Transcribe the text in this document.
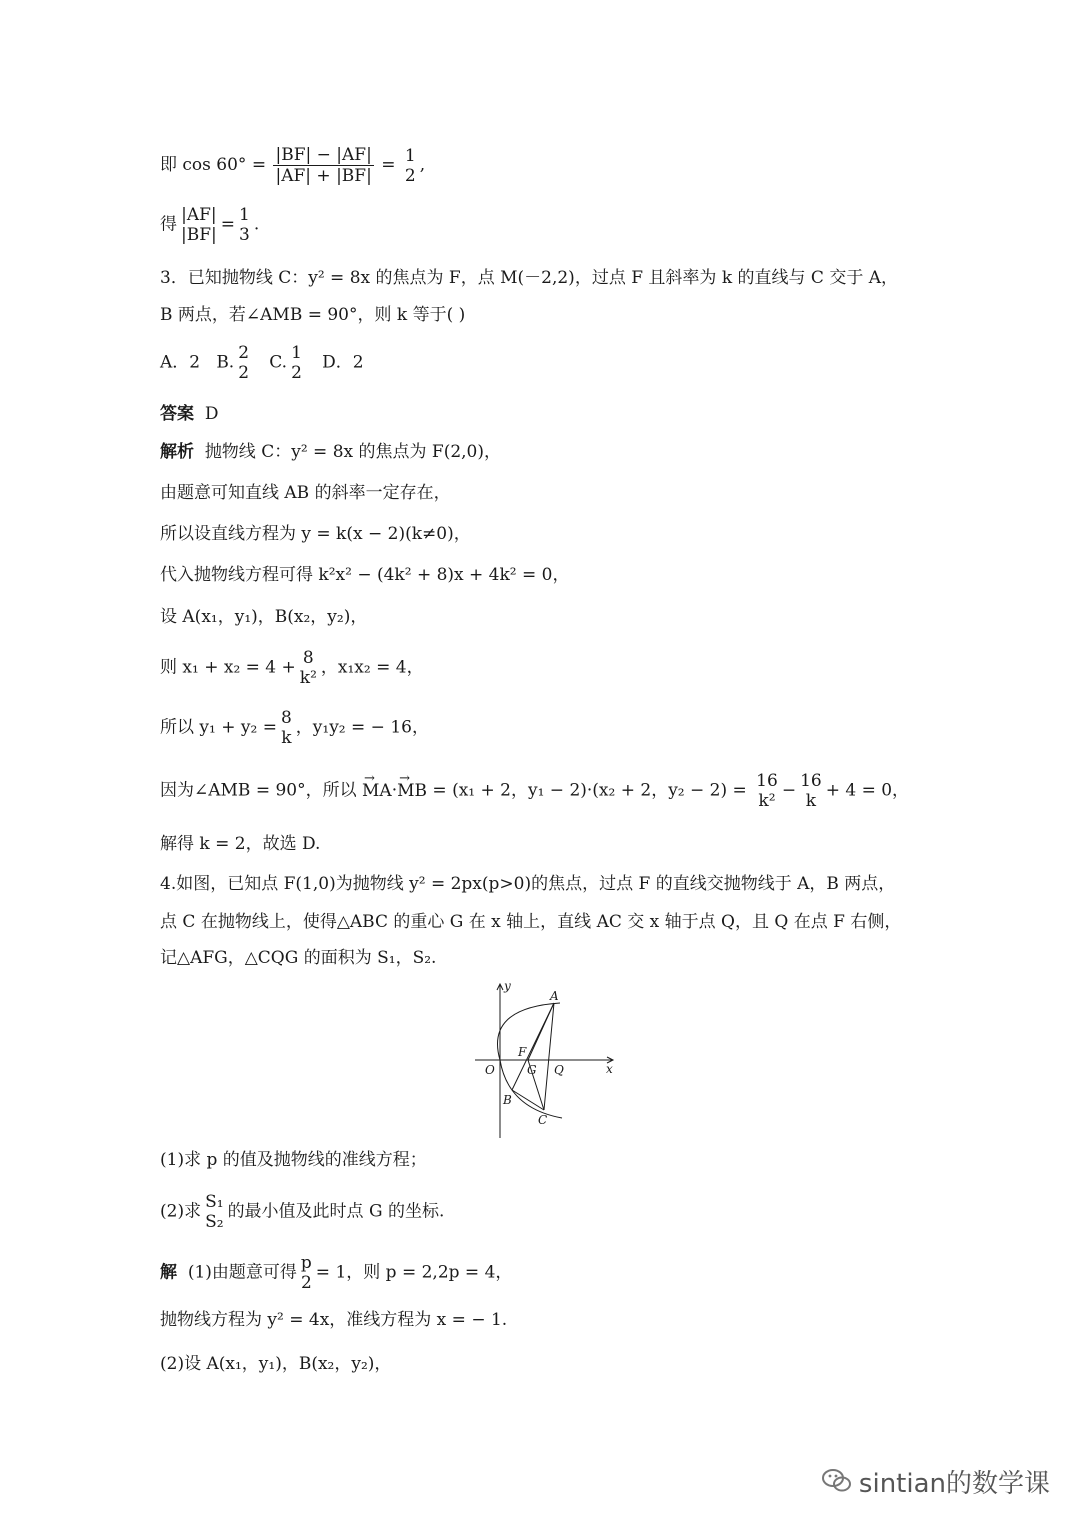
即 $\cos 60^\circ = \frac{|BF| - |AF|}{|AF| + |BF|} = 1$
2
,
得 |AF|
|BF|
= 1
3
.
3．已知抛物线 C：y² = 8x 的焦点为 F，点 M(－2,2)，过点 F 且斜率为 k 的直线与 C 交于 A，
B 两点，若∠AMB = 90°，则 k 等于( )
A．2 B. 2
2
C. 1
2
D．2
答案 D
解析 抛物线 C：y² = 8x 的焦点为 F(2,0)，
由题意可知直线 AB 的斜率一定存在，
所以设直线方程为 y = k(x − 2)(k≠0)，
代入抛物线方程可得 k²x² − (4k² + 8)x + 4k² = 0，
设 A(x₁，y₁)，B(x₂，y₂)，
则 x₁ + x₂ = 4 + 8
k²
，x₁x₂ = 4，
所以 y₁ + y₂ = 8
k
，y₁y₂ = − 16，
因为∠AMB = 90°，所以 → MA·→ MB = (x₁ + 2，y₁ − 2)·(x₂ + 2，y₂ − 2) = 16
k²
− 16
k
+ 4 = 0，
解得 k = 2，故选 D.
4.如图，已知点 F(1,0)为抛物线 y² = 2px(p>0)的焦点，过点 F 的直线交抛物线于 A，B 两点，
点 C 在抛物线上，使得△ABC 的重心 G 在 x 轴上，直线 AC 交 x 轴于点 Q，且 Q 在点 F 右侧，
记△AFG，△CQG 的面积为 S₁，S₂.
y
x
O
A
B
C
F
G Q
(1)求 p 的值及抛物线的准线方程；
(2)求 S₁
S₂
的最小值及此时点 G 的坐标.
解 (1)由题意可得 p
2
= 1，则 p = 2,2p = 4，
抛物线方程为 y² = 4x，准线方程为 x = − 1.
(2)设 A(x₁，y₁)，B(x₂，y₂)，
sintian的数学课
